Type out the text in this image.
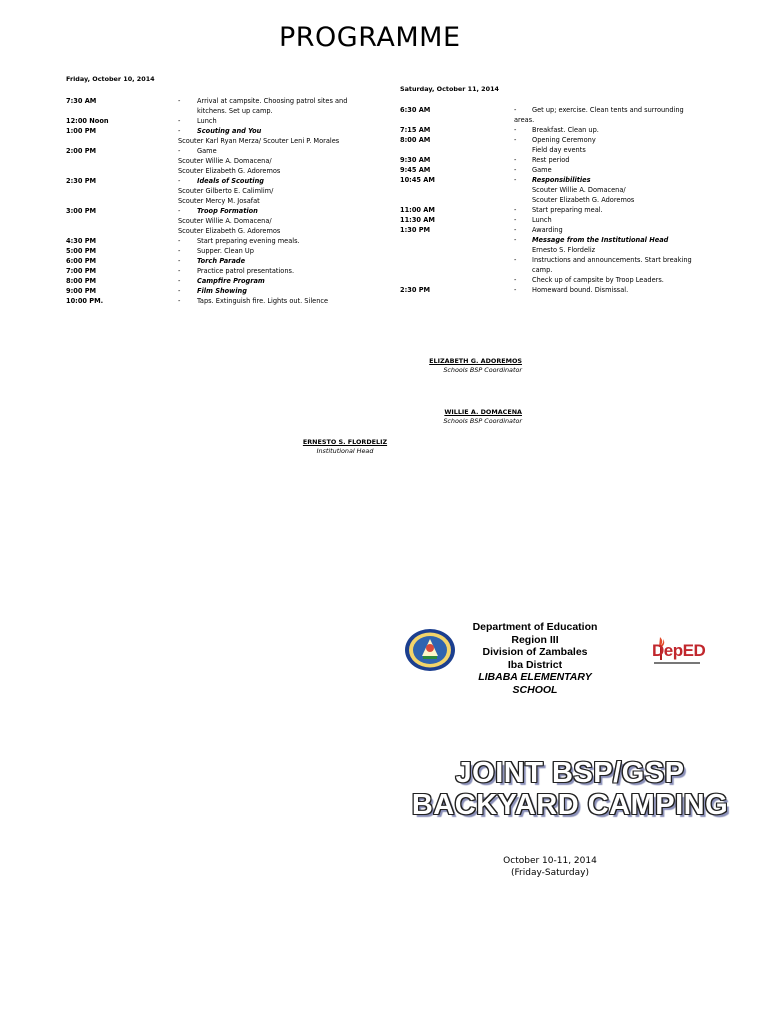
PROGRAMME
Friday, October 10, 2014
7:30 AM	-	Arrival at campsite. Choosing patrol sites and
kitchens. Set up camp.
12:00 Noon	-	Lunch
1:00 PM	-	Scouting and You
Scouter Karl Ryan Merza/ Scouter Leni P. Morales
2:00 PM	-	Game
Scouter Willie A. Domacena/
Scouter Elizabeth G. Adoremos
2:30 PM	-	Ideals of Scouting
Scouter Gilberto E. Calimlim/
Scouter Mercy M. Josafat
3:00 PM	-	Troop Formation
Scouter Willie A. Domacena/
Scouter Elizabeth G. Adoremos
4:30 PM	-	Start preparing evening meals.
5:00 PM	-	Supper. Clean Up
6:00 PM	-	Torch Parade
7:00 PM	-	Practice patrol presentations.
8:00 PM	-	Campfire Program
9:00 PM	-	Film Showing
10:00 PM.	-	Taps. Extinguish fire. Lights out. Silence
Saturday, October 11, 2014
6:30 AM	- Get up; exercise. Clean tents and surrounding
areas.
7:15 AM	- Breakfast. Clean up.
8:00 AM	- Opening Ceremony
Field day events
9:30 AM	- Rest period
9:45 AM	- Game
10:45 AM	- Responsibilities
Scouter Willie A. Domacena/
Scouter Elizabeth G. Adoremos
11:00 AM	- Start preparing meal.
11:30 AM	- Lunch
1:30 PM	- Awarding
- Message from the Institutional Head
Ernesto S. Flordeliz
- Instructions and announcements. Start breaking
camp.
- Check up of campsite by Troop Leaders.
2:30 PM	- Homeward bound. Dismissal.
ELIZABETH G. ADOREMOS
Schools BSP Coordinator
WILLIE A. DOMACENA
Schools BSP Coordinator
ERNESTO S. FLORDELIZ
Institutional Head
Department of Education
Region III
Division of Zambales
Iba District
LIBABA ELEMENTARY SCHOOL
DepED
JOINT BSP/GSP
BACKYARD CAMPING
October 10-11, 2014
(Friday-Saturday)
